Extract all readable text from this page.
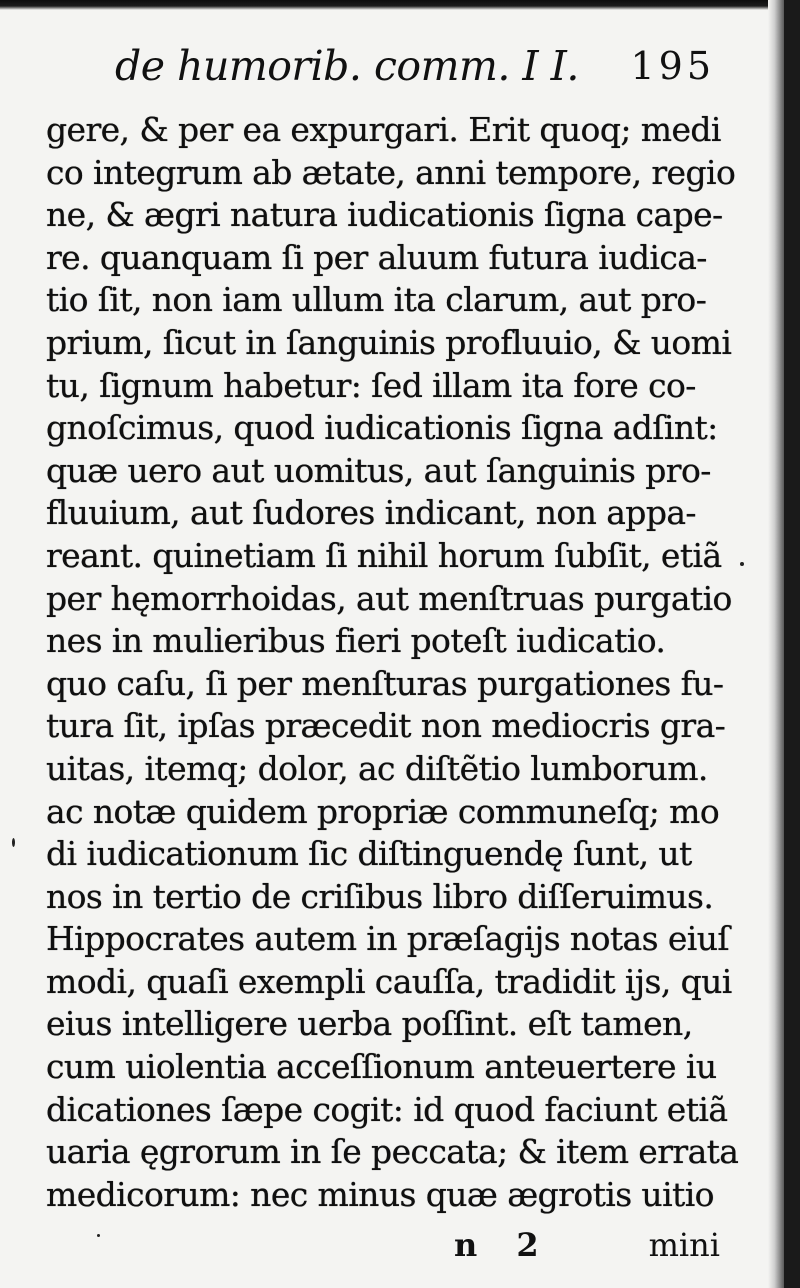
de humorib. comm. I I. 195
gere, & per ea expurgari. Erit quoq; medi
co integrum ab ætate, anni tempore, regio
ne, & ægri natura iudicationis ſigna cape-
re. quanquam ſi per aluum futura iudica-
tio ſit, non iam ullum ita clarum, aut pro-
prium, ſicut in ſanguinis profluuio, & uomi
tu, ſignum habetur: ſed illam ita fore co-
gnoſcimus, quod iudicationis ſigna adſint:
quæ uero aut uomitus, aut ſanguinis pro-
fluuium, aut ſudores indicant, non appa-
reant. quinetiam ſi nihil horum ſubſit, etiã
per hęmorrhoidas, aut menſtruas purgatio
nes in mulieribus fieri poteſt iudicatio.
quo caſu, ſi per menſturas purgationes fu-
tura ſit, ipſas præcedit non mediocris gra-
uitas, itemq; dolor, ac diſtẽtio lumborum.
ac notæ quidem propriæ communeſq; mo
di iudicationum ſic diſtinguendę ſunt, ut
nos in tertio de criſibus libro diſſeruimus.
Hippocrates autem in præſagijs notas eiuſ
modi, quaſi exempli cauſſa, tradidit ijs, qui
eius intelligere uerba poſſint. eſt tamen,
cum uiolentia acceſſionum anteuertere iu
dicationes ſæpe cogit: id quod faciunt etiã
uaria ęgrorum in ſe peccata; & item errata
medicorum: nec minus quæ ægrotis uitio
n 2	mini
